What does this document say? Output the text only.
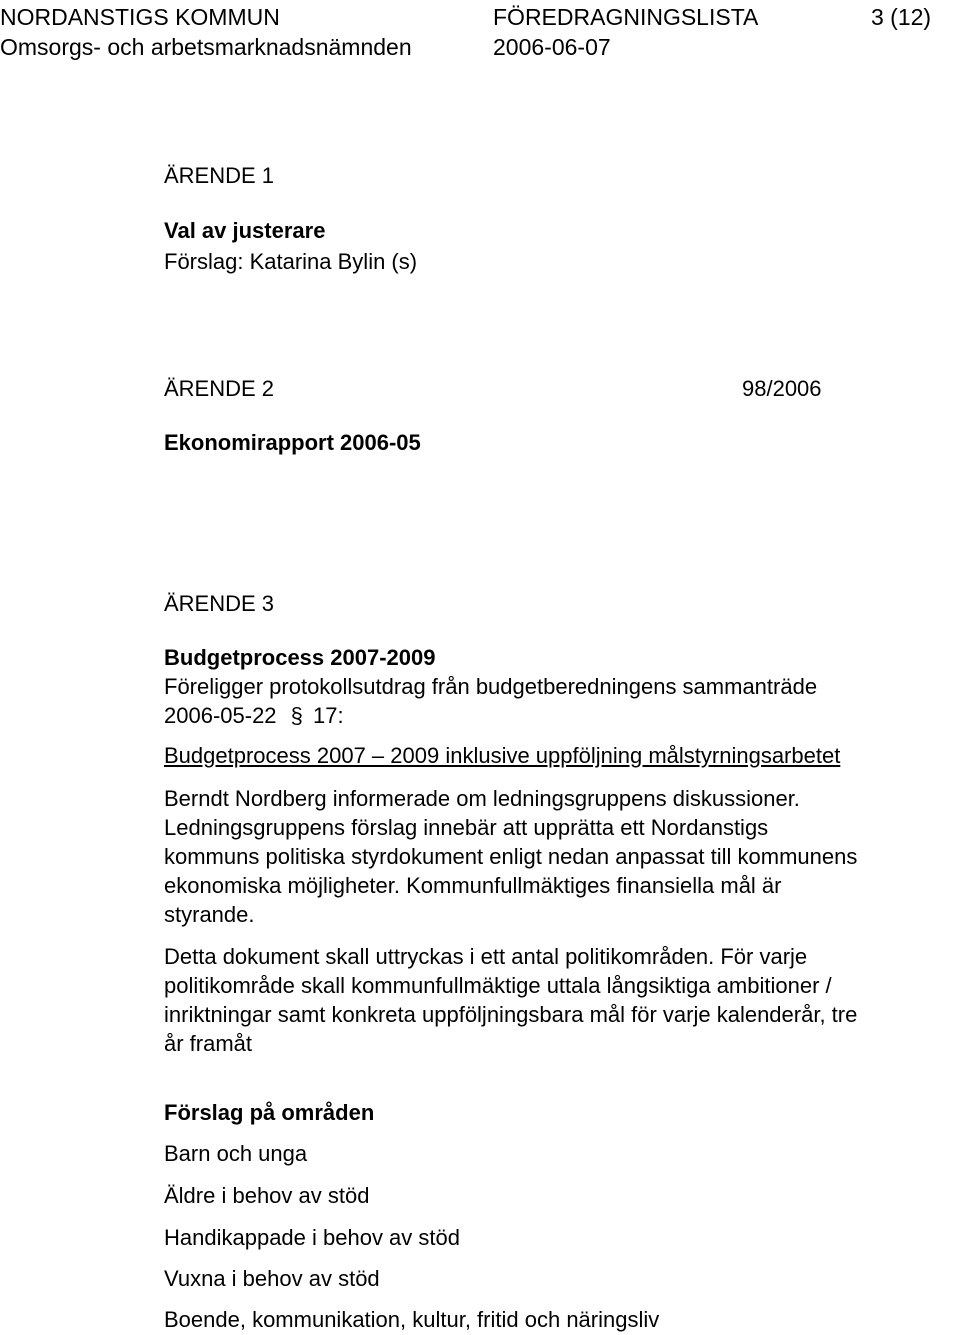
NORDANSTIGS KOMMUN	FÖREDRAGNINGSLISTA	3 (12)
Omsorgs- och arbetsmarknadsnämnden	2006-06-07
ÄRENDE 1
Val av justerare
Förslag: Katarina Bylin (s)
ÄRENDE 2	98/2006
Ekonomirapport 2006-05
ÄRENDE 3
Budgetprocess 2007-2009
Föreligger protokollsutdrag från budgetberedningens sammanträde
2006-05-22 § 17:
Budgetprocess 2007 – 2009 inklusive uppföljning målstyrningsarbetet
Berndt Nordberg informerade om ledningsgruppens diskussioner.
Ledningsgruppens förslag innebär att upprätta ett Nordanstigs
kommuns politiska styrdokument enligt nedan anpassat till kommunens
ekonomiska möjligheter. Kommunfullmäktiges finansiella mål är
styrande.
Detta dokument skall uttryckas i ett antal politikområden. För varje
politikområde skall kommunfullmäktige uttala långsiktiga ambitioner /
inriktningar samt konkreta uppföljningsbara mål för varje kalenderår, tre
år framåt
Förslag på områden
Barn och unga
Äldre i behov av stöd
Handikappade i behov av stöd
Vuxna i behov av stöd
Boende, kommunikation, kultur, fritid och näringsliv
